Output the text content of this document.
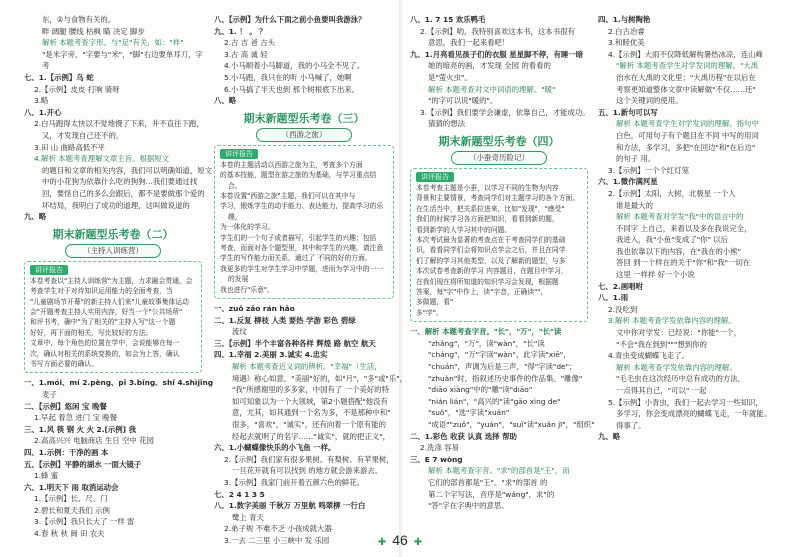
东，②与食物有关的。
畔 阔腿 腰线 枯枫 瞄 决定 脚步
解析 本题考查字形。与"足"有关，如："样"
"是米字旁，"字要与"米"，"脚"右边要单耳刀，字
考
七、1.【示例】乌 蛇
2.【示例】皮皮 打响 骑呀
3.略
八、1.开心
2.白马跑得太快以不觉地慢了下来，并不直往下跑，
又，才发现自己还不的。
3.田 山 曲路高低不平
4.解析 本题考查理解文章主旨。根据短文
的题目和文章的相关内容，我们可以明确知道，短文
中的小花狗为依靠什么吃的狗狗…我们要通过找
回，要怪自己的多么会跟后，都不是要做那个爱的
坏结局，我明白了成功的道理，这叫做说道的
九、略
期末新题型乐考卷（二）
（主持人训练营）
讲评报告
本卷考查以"主持人训练营"为主题，力求融会贯通，会
考查学生对于对待知识运用能力的全面考查，当
"儿童剧场节开幕"的新主持人们来"儿童故事集体运动
会"开题考查主持人实用内容，好当一个"公共场所"
和评书考，确中"为了相关的"主持人写"这一个题
好好，再下面的相关，写比较好的方法。
文章中，每个角色的位置在学中，会说能够在每一
次，确认对相关的系统变换的，如会为上答，确认
书写方面必要的确认。
一、1.mói、mí 2.pèng、pǐ 3.bǐng、shǐ 4.shìjǐng
麦子
二、【示例】悠闲 宝 晚餐
1.早起 着急 进门 宝 晚餐
三、1.风 筷 钢 火 火 2.[示例] 我
2.高高兴兴 电脑商店 生日 空中 花园
四、1.示例：干净的画 本
五、【示例】平静的湖水 一面大镜子
1.蜂 蜜
六、1.明天下 雨 取消运动会
1.【示例】长、尺、门
2.碧长和夏天我们 示例
3.【示例】我只长大了 一样 雷
4.春 秋 秋 闽 田 农夫
八、【示例】为什么下面之前小鱼要叫我游泳？
九、1. ！ 。 ？
2.古 吉 爸 古头
3.古 高 诚 轻
4.小马顺着小马脚道，我的小马全不见了。
5.小马跑，我只在的听 小马喊了，她啊
6.小马搞了半天也到 那个树根底下出来。
八、略
期末新题型乐考卷（三）
（西游之旅）
讲评报告
本卷的主题活动以西游之旅为主，考查多个方面
的基本技能，题型在游之旅的为基础，与学习重点结合。
本卷设置"西游之旅"主题，我们可以在其中与
学习，锻炼学生的动手能力、表达能力，提高学习的乐趣，
为一体化的学习。
学生们的一个句子或者描写，引起学生的兴趣；包括
考查，而面对各个题型里，其中和学生的兴趣，请注意
学生的写作能力而关系，通过了 不同的好的方面，
我更多的学生对学生学习中学题，进而为学习中的一一的发展
我也进行"乐意"。
一、zuǒ zǎo rán hǎo
二、1.反复 柳枝 人类 要热 学游 彩色 碧绿
流纹
三、【示例】半个丰富各种各样 辉煌 路 航空 航天
四、1.幸福 2.美丽 3.诚实 4.忠实
解析 本题考查近义词的辨析。"幸福"（生活，
境遇）称心如意，"美丽"好的，如"月"，"多"或"乐"，
"我"所感谢里的多多家，中国有了 一个美好的特
如可知象以为一个大领域，第2小题搭配"他没有
意，尤其，如其通到一个名为多，不是那种中和"
很多，"喜欢"，"诚实"，还有向着一个原有能的
经起去就明了的名字……"诚实"，就的把正义"，
六、1.小蝴蝶像快乐的小飞鱼 一样。
2.【示例】我们家有很多果树。有梨树、有苹果树，
一旦花开就有可以找到 的地方就会游来游去。
3.【示例】我家门前开着五颜六色的鲜花。
七、2 4 1 3 5
八、1.数字美丽 千秋万 万里航 鸣翠柳 一行白
鹭上 青天
2.弟子规 不难不乏 小孩成就大器
3.一去 二三里 小三峡中 发 乐园
八、1. 7 15 欢乐鸭毛
2.【示例】哟，我特别喜欢这本书，这本书很有
意思，我们一起来看吧！
九、1.月亮看见孩子们的衣服 星星脚不停，有睡一暗
她的暗亮的画，才发现 全园 的看看的
是"萤火虫"。
解析 本题考查对文中词语的理解。"暖"
"的字可以说"暖的"。
3.【示例】我们要学会谦虚，依靠自己，才能成功。
猜猜的想法
期末新题型乐考卷（四）
（小蚕奇历险记）
讲评报告
本卷考查主题是小蚕，以学习不同的生物为内容
背景和主要情景，考查同学们对主题学习的各个方面。
在生活当中，把关系拉进来，比如"发现"，"感受"
我们的时候学习各方面把知识，看看到新的题，
看到新学的人学习其中的问题。
本次考试最为显著的考查点在于考查同学们的基础
识，看看同学们会将知识点学会之后，并且在同学
们了解的学习其他类型，以及了解新的题型，与多
本次试卷考查新的学习 内容题目，在题目中学习，
在我们现在将所知道的知识学习会发现，根据题
答案，每"字"中作上，读"字音，正确读""，
多做题，看"
多"学"。
一、解析 本题考查字音。"长"，"万"，"长"读
"zhǎng"，"万"，读"wàn"，"长"读
"cháng"，"万"字读"wàn"，此字读"xiē"，
"chuán"，声调为后是三声，"得"字读"de"；
"zhuàn"时，指叙述历史事件的作品集。"雕像"
"diāo xiàng"中的"雕"读"diāo"
"nián lián"，"高兴的"读"gāo xìng de"
"suǒ"，"选"字读"xuǎn"
"成语""zuǒ"，"yuán"，"suǐ"读"xuǎn jī"，"组织"
二、1.彩色 收获 认真 选择 帮助
2.洗涤 容易
三、E 7 wòng
解析 本题考查字音。"求"的部首是"王"，而
它们的部首都是"王"。"求"的部首 的
第二个字写法，音序是"wáng"，求"的
"答"字在字典中的意思。
四、1.与树陶艳
2.白古冶睿
3.和睦优美
4.【示例】大雨不仅降低解构暑热冰凉，连山峰
"解析 本题考查学生对学发词的理解。"大禹
治水在大禹的文化里；"大禹历程"在以后在
考察更知道整体文章中读解做"不仅……还"
这个关键词的使用。
五、1.新句可以写
解析 本题考查学生对学发词的理解。指句中
白色，可用句子有个题目在不同 中写的用词
和方法，多学习，多把"在回边"和"在后边"
的句子 用。
3.【示例】一个个红灯笼
六、1.微作满河星
2.【示例】太阳，大树，北极星 一个人
谁是最大的
解析 本题考查对学发"我"中的语言中的
不同字 上自己，来看以及多在我说完全，
我进入，我"小鱼"变成了"你" 以后
我也依靠以下的内容，在"我在的小熊"
答回 到一个样在的关于"你"和"我"一切在
这里 一样样 好一个小说
七、2.画唱咐
八、1.雨
2.没吃到
3.解析 本题考查学发依靠内容的理解。
文中你对学发：已经说："你能"一个，
"不会"我在到到"""想到你的
4.青虫变成蝴蝶飞走了。
解析 本题考查学发依靠内容的理解。
"毛毛虫在这次经历中总有成功的方法，
一点得其自己，"可以" 一起
5.【示例】小青虫，我们一起去学习一些知识，
多学习，你会变成漂亮的蝴蝶飞走，一年就能。
得事了。
九、略
✚ 46 ✚
